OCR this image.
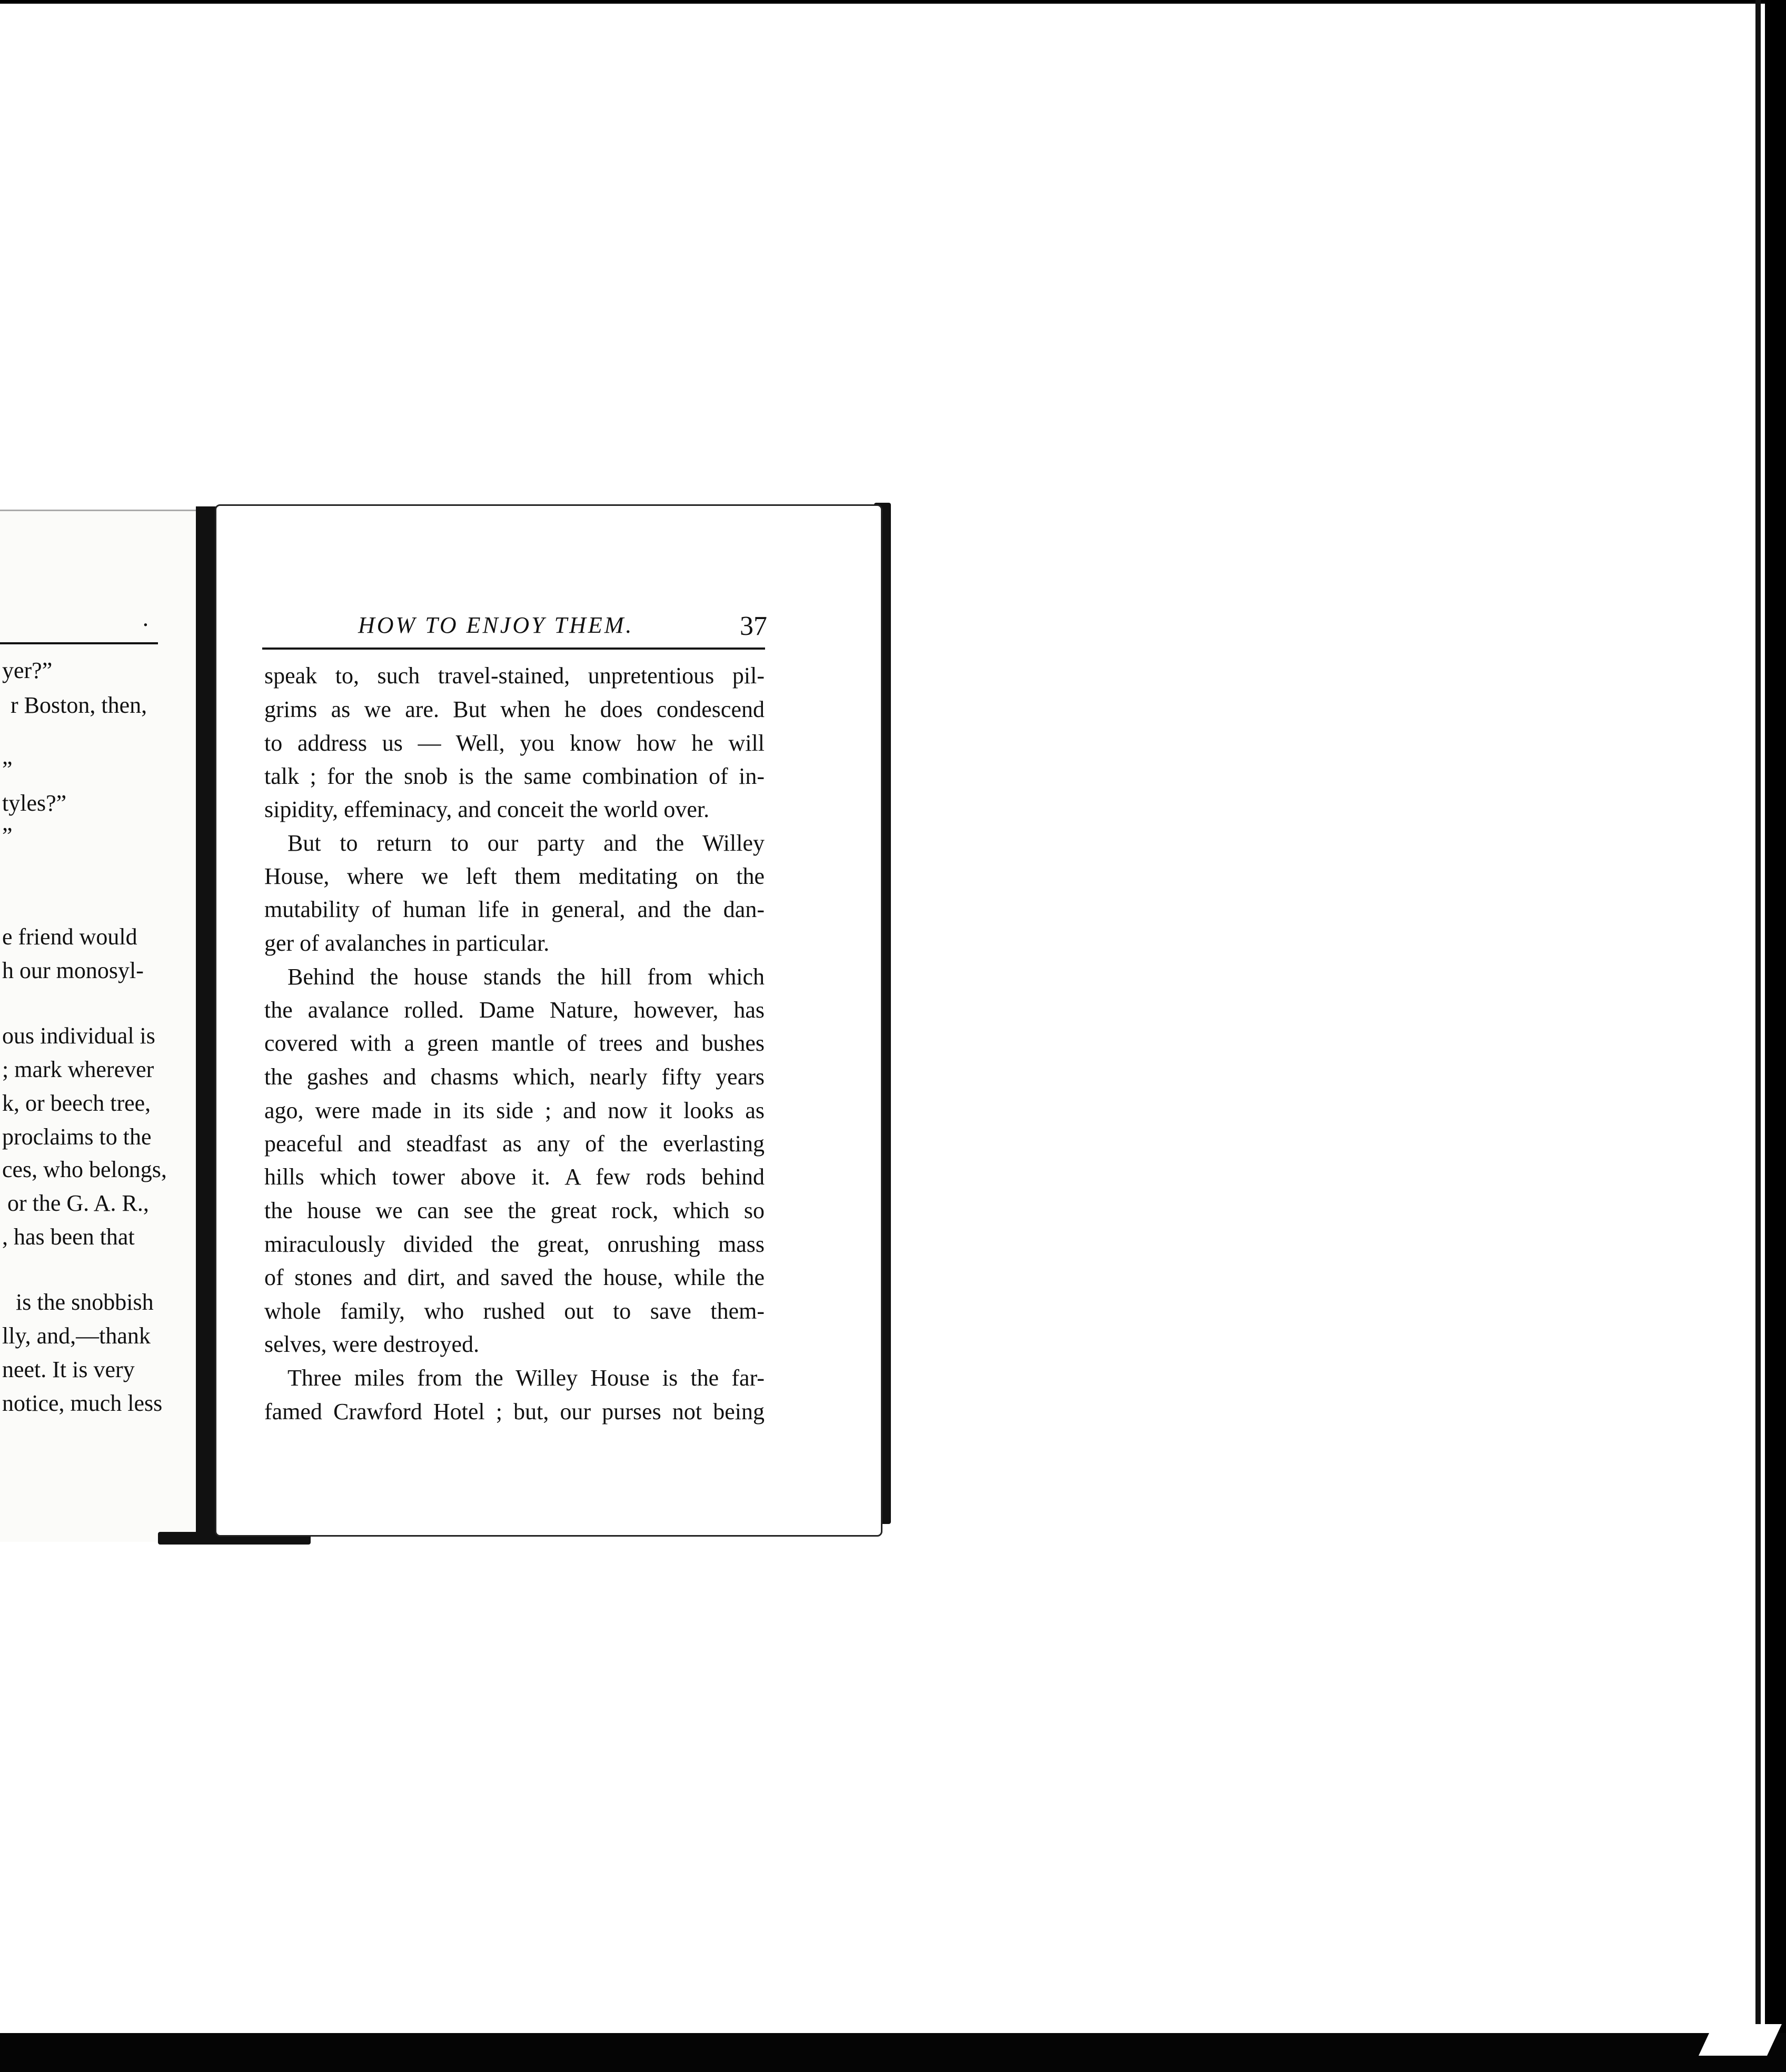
·
yer?”
r Boston, then,
”
tyles?”
”
e friend would
h our monosyl-
ous individual is
; mark wherever
k, or beech tree,
proclaims to the
ces, who belongs,
or the G. A. R.,
, has been that
is the snobbish
lly, and,—thank
neet. It is very
notice, much less
HOW TO ENJOY THEM.	37
speak to, such travel-stained, unpretentious pil-
grims as we are. But when he does condescend
to address us — Well, you know how he will
talk ; for the snob is the same combination of in-
sipidity, effeminacy, and conceit the world over.
But to return to our party and the Willey
House, where we left them meditating on the
mutability of human life in general, and the dan-
ger of avalanches in particular.
Behind the house stands the hill from which
the avalance rolled. Dame Nature, however, has
covered with a green mantle of trees and bushes
the gashes and chasms which, nearly fifty years
ago, were made in its side ; and now it looks as
peaceful and steadfast as any of the everlasting
hills which tower above it. A few rods behind
the house we can see the great rock, which so
miraculously divided the great, onrushing mass
of stones and dirt, and saved the house, while the
whole family, who rushed out to save them-
selves, were destroyed.
Three miles from the Willey House is the far-
famed Crawford Hotel ; but, our purses not being
